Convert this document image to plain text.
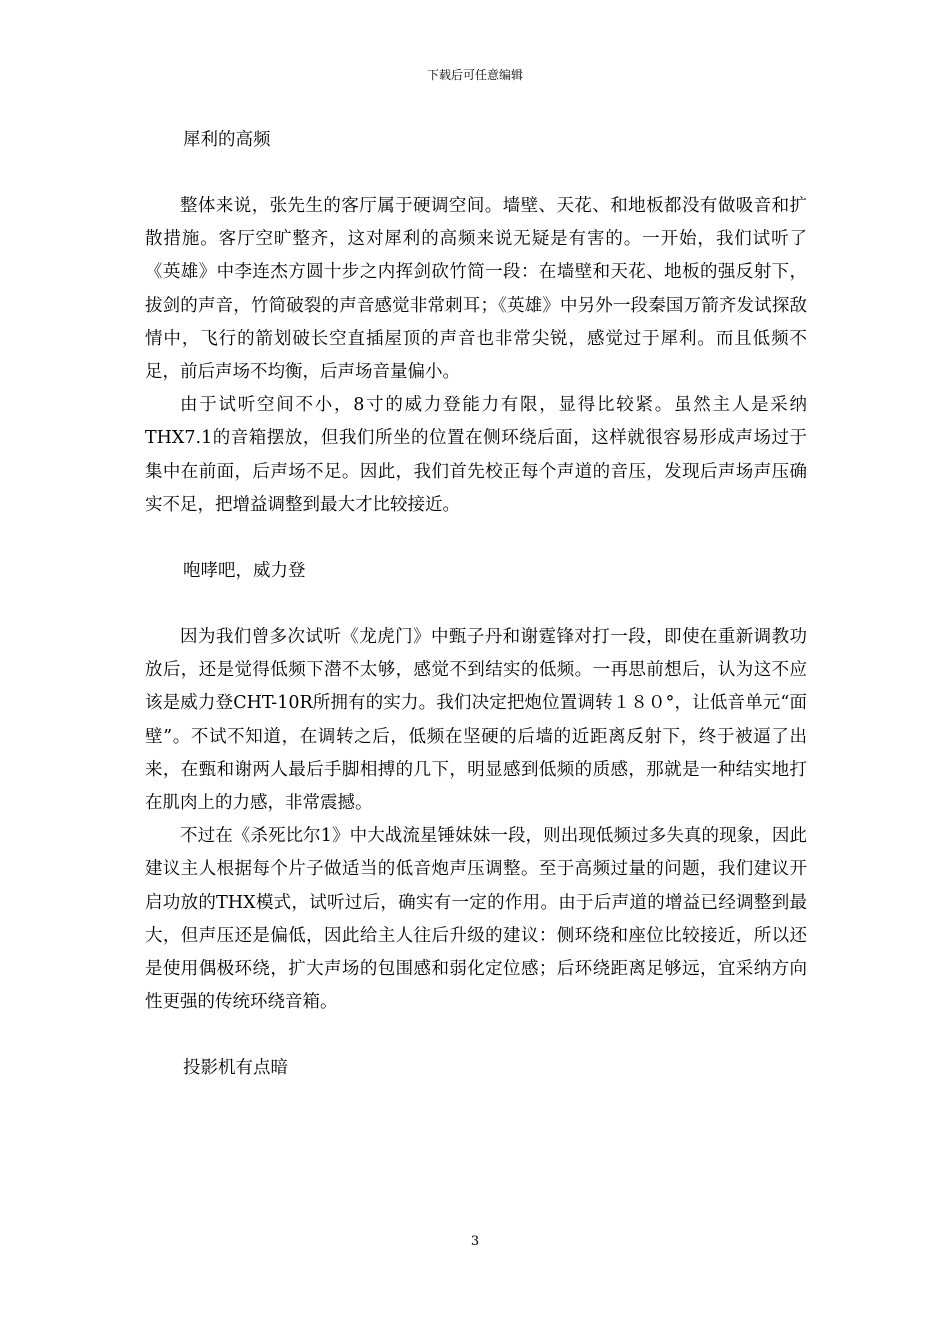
下载后可任意编辑

犀利的高频

整体来说，张先生的客厅属于硬调空间。墙壁、天花、和地板都没有做吸音和扩散措施。客厅空旷整齐，这对犀利的高频来说无疑是有害的。一开始，我们试听了《英雄》中李连杰方圆十步之内挥剑砍竹简一段：在墙壁和天花、地板的强反射下，拔剑的声音，竹简破裂的声音感觉非常刺耳；《英雄》中另外一段秦国万箭齐发试探敌情中，飞行的箭划破长空直插屋顶的声音也非常尖锐，感觉过于犀利。而且低频不足，前后声场不均衡，后声场音量偏小。

由于试听空间不小，8寸的威力登能力有限，显得比较紧。虽然主人是采纳THX7.1的音箱摆放，但我们所坐的位置在侧环绕后面，这样就很容易形成声场过于集中在前面，后声场不足。因此，我们首先校正每个声道的音压，发现后声场声压确实不足，把增益调整到最大才比较接近。

咆哮吧，威力登

因为我们曾多次试听《龙虎门》中甄子丹和谢霆锋对打一段，即使在重新调教功放后，还是觉得低频下潜不太够，感觉不到结实的低频。一再思前想后，认为这不应该是威力登CHT-10R所拥有的实力。我们决定把炮位置调转１８０°，让低音单元“面壁”。不试不知道，在调转之后，低频在坚硬的后墙的近距离反射下，终于被逼了出来，在甄和谢两人最后手脚相搏的几下，明显感到低频的质感，那就是一种结实地打在肌肉上的力感，非常震撼。

不过在《杀死比尔1》中大战流星锤妹妹一段，则出现低频过多失真的现象，因此建议主人根据每个片子做适当的低音炮声压调整。至于高频过量的问题，我们建议开启功放的THX模式，试听过后，确实有一定的作用。由于后声道的增益已经调整到最大，但声压还是偏低，因此给主人往后升级的建议：侧环绕和座位比较接近，所以还是使用偶极环绕，扩大声场的包围感和弱化定位感；后环绕距离足够远，宜采纳方向性更强的传统环绕音箱。

投影机有点暗

3
